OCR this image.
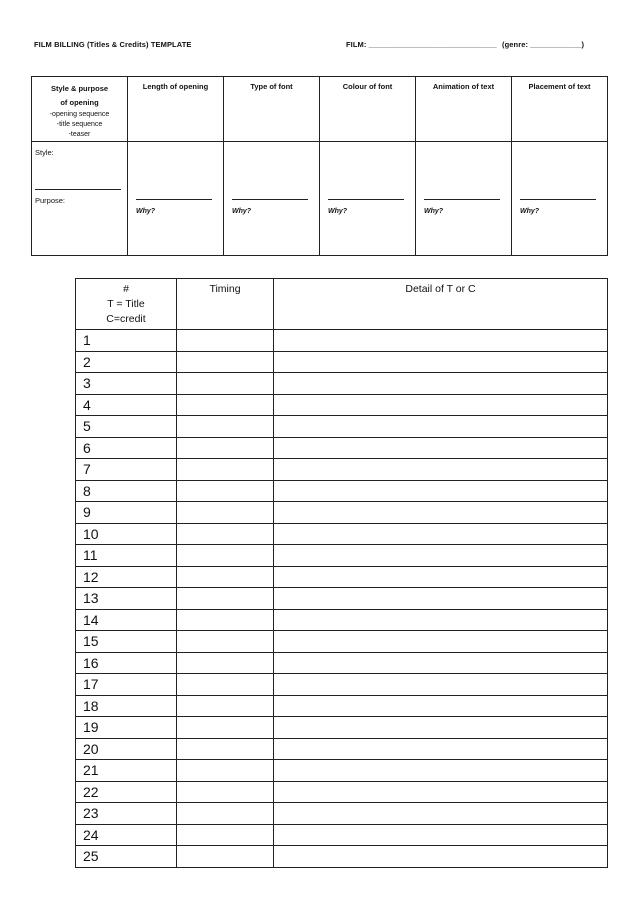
FILM BILLING (Titles & Credits) TEMPLATE	FILM: ______________________________ (genre: ____________)
Style & purpose
of opening
-opening sequence
-title sequence
-teaser	Length of opening	Type of font	Colour of font	Animation of text	Placement of text

Style:
Purpose:	Why?	Why?	Why?	Why?	Why?
#
T = Title
C=credit	Timing	Detail of T or C
1		
2		
3		
4		
5		
6		
7		
8		
9		
10		
11		
12		
13		
14		
15		
16		
17		
18		
19		
20		
21		
22		
23		
24		
25		
